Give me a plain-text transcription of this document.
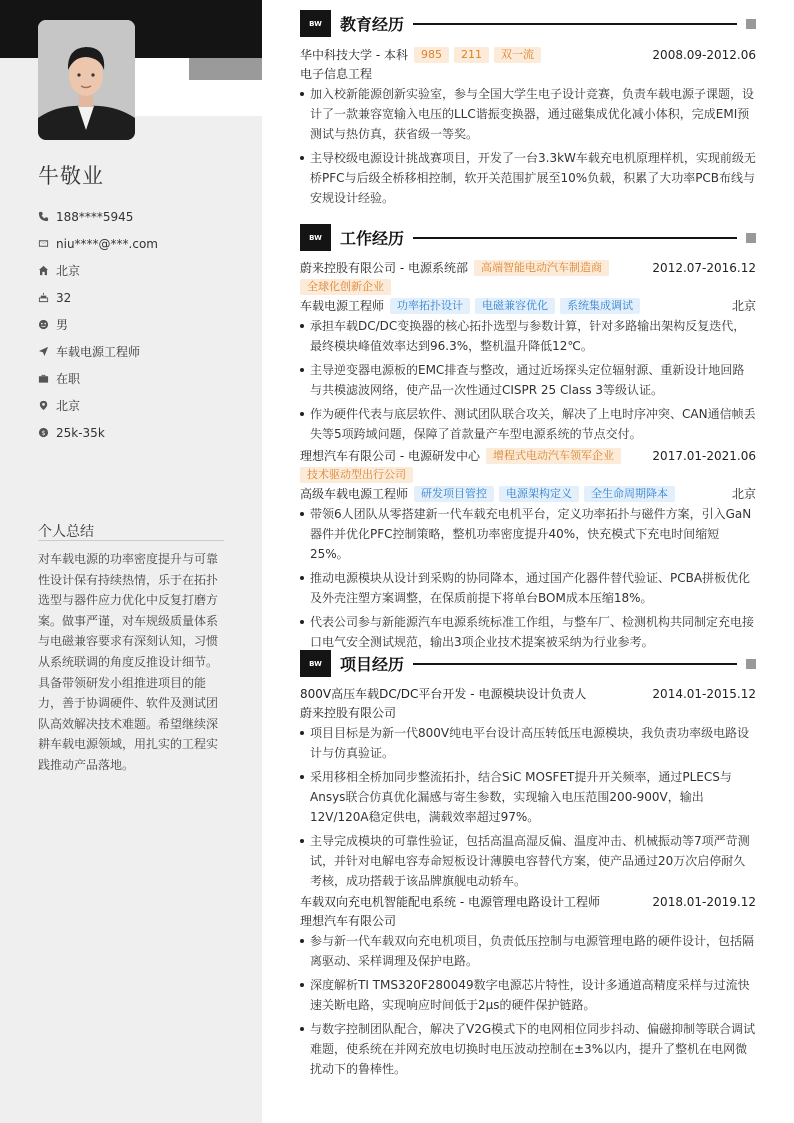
牛敬业
188****5945
niu****@***.com
北京
32
男
车载电源工程师
在职
北京
$ 25k-35k
个人总结
对车载电源的功率密度提升与可靠性设计保有持续热情，乐于在拓扑选型与器件应力优化中反复打磨方案。做事严谨，对车规级质量体系与电磁兼容要求有深刻认知，习惯从系统联调的角度反推设计细节。具备带领研发小组推进项目的能力，善于协调硬件、软件及测试团队高效解决技术难题。希望继续深耕车载电源领域，用扎实的工程实践推动产品落地。
BW	教育经历
华中科技大学 - 本科	985	211	双一流	2008.09-2012.06
电子信息工程
加入校新能源创新实验室，参与全国大学生电子设计竞赛，负责车载电源子课题，设计了一款兼容宽输入电压的LLC谐振变换器，通过磁集成优化减小体积，完成EMI预测试与热仿真，获省级一等奖。
主导校级电源设计挑战赛项目，开发了一台3.3kW车载充电机原理样机，实现前级无桥PFC与后级全桥移相控制，软开关范围扩展至10%负载，积累了大功率PCB布线与安规设计经验。
BW	工作经历
蔚来控股有限公司 - 电源系统部	高端智能电动汽车制造商	2012.07-2016.12
全球化创新企业
车载电源工程师	功率拓扑设计	电磁兼容优化	系统集成调试	北京
承担车载DC/DC变换器的核心拓扑选型与参数计算，针对多路输出架构反复迭代，最终模块峰值效率达到96.3%，整机温升降低12℃。
主导逆变器电源板的EMC排查与整改，通过近场探头定位辐射源、重新设计地回路与共模滤波网络，使产品一次性通过CISPR 25 Class 3等级认证。
作为硬件代表与底层软件、测试团队联合攻关，解决了上电时序冲突、CAN通信帧丢失等5项跨域问题，保障了首款量产车型电源系统的节点交付。
理想汽车有限公司 - 电源研发中心	增程式电动汽车领军企业	2017.01-2021.06
技术驱动型出行公司
高级车载电源工程师	研发项目管控	电源架构定义	全生命周期降本	北京
带领6人团队从零搭建新一代车载充电机平台，定义功率拓扑与磁件方案，引入GaN器件并优化PFC控制策略，整机功率密度提升40%，快充模式下充电时间缩短25%。
推动电源模块从设计到采购的协同降本，通过国产化器件替代验证、PCBA拼板优化及外壳注塑方案调整，在保质前提下将单台BOM成本压缩18%。
代表公司参与新能源汽车电源系统标准工作组，与整车厂、检测机构共同制定充电接口电气安全测试规范，输出3项企业技术提案被采纳为行业参考。
BW	项目经历
800V高压车载DC/DC平台开发 - 电源模块设计负责人	2014.01-2015.12
蔚来控股有限公司
项目目标是为新一代800V纯电平台设计高压转低压电源模块，我负责功率级电路设计与仿真验证。
采用移相全桥加同步整流拓扑，结合SiC MOSFET提升开关频率，通过PLECS与Ansys联合仿真优化漏感与寄生参数，实现输入电压范围200-900V，输出12V/120A稳定供电，满载效率超过97%。
主导完成模块的可靠性验证，包括高温高湿反偏、温度冲击、机械振动等7项严苛测试，并针对电解电容寿命短板设计薄膜电容替代方案，使产品通过20万次启停耐久考核，成功搭载于该品牌旗舰电动轿车。
车载双向充电机智能配电系统 - 电源管理电路设计工程师	2018.01-2019.12
理想汽车有限公司
参与新一代车载双向充电机项目，负责低压控制与电源管理电路的硬件设计，包括隔离驱动、采样调理及保护电路。
深度解析TI TMS320F280049数字电源芯片特性，设计多通道高精度采样与过流快速关断电路，实现响应时间低于2μs的硬件保护链路。
与数字控制团队配合，解决了V2G模式下的电网相位同步抖动、偏磁抑制等联合调试难题，使系统在并网充放电切换时电压波动控制在±3%以内，提升了整机在电网微扰动下的鲁棒性。
